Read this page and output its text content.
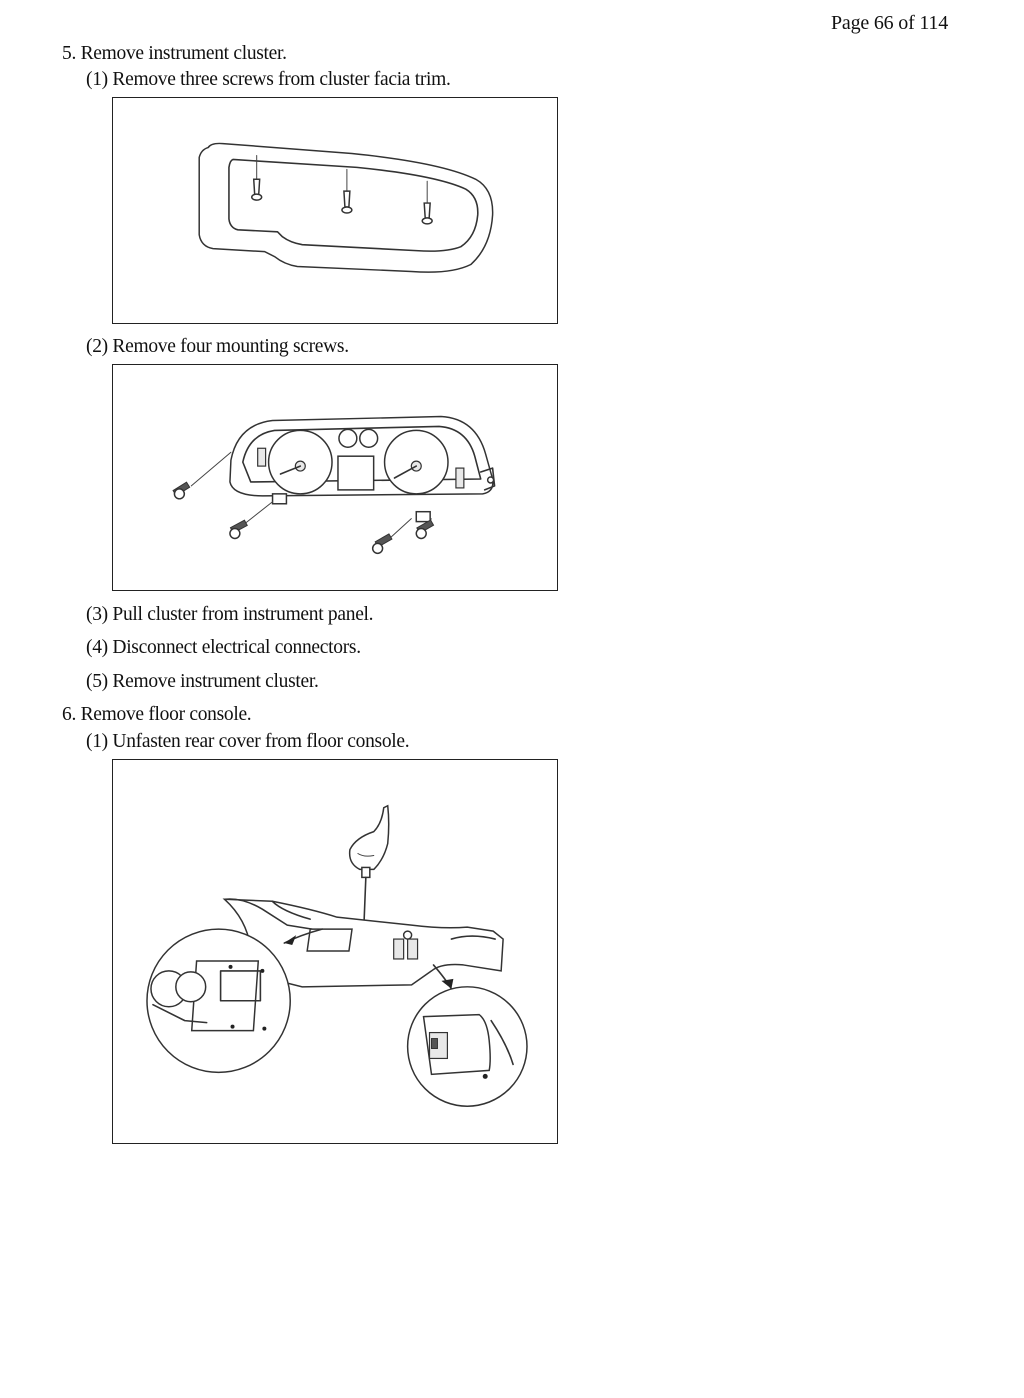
Page 66 of 114
5. Remove instrument cluster.
(1) Remove three screws from cluster facia trim.
(2) Remove four mounting screws.
(3) Pull cluster from instrument panel.
(4) Disconnect electrical connectors.
(5) Remove instrument cluster.
6. Remove floor console.
(1) Unfasten rear cover from floor console.
